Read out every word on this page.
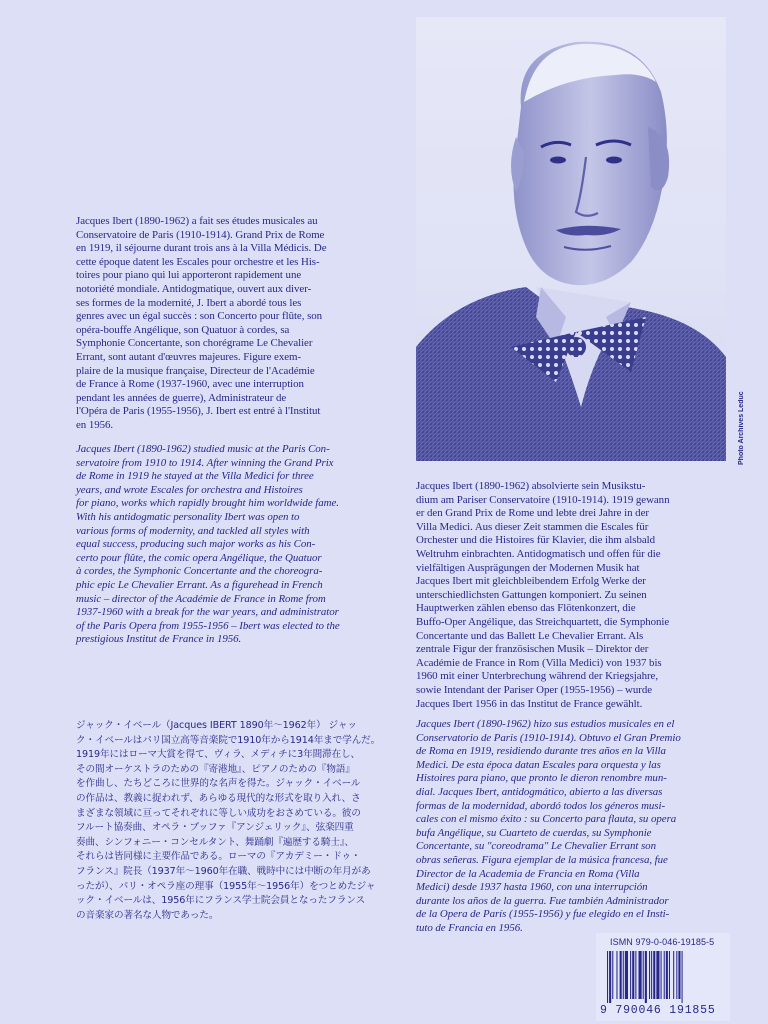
Jacques Ibert (1890-1962) a fait ses études musicales au

Conservatoire de Paris (1910-1914). Grand Prix de Rome

en 1919, il séjourne durant trois ans à la Villa Médicis. De

cette époque datent les Escales pour orchestre et les His-

toires pour piano qui lui apporteront rapidement une

notoriété mondiale. Antidogmatique, ouvert aux diver-

ses formes de la modernité, J. Ibert a abordé tous les

genres avec un égal succès : son Concerto pour flûte, son

opéra-bouffe Angélique, son Quatuor à cordes, sa

Symphonie Concertante, son chorégrame Le Chevalier

Errant, sont autant d'œuvres majeures. Figure exem-

plaire de la musique française, Directeur de l'Académie

de France à Rome (1937-1960, avec une interruption

pendant les années de guerre), Administrateur de

l'Opéra de Paris (1955-1956), J. Ibert est entré à l'Institut

en 1956.

Jacques Ibert (1890-1962) studied music at the Paris Con-

servatoire from 1910 to 1914. After winning the Grand Prix

de Rome in 1919 he stayed at the Villa Medici for three

years, and wrote Escales for orchestra and Histoires

for piano, works which rapidly brought him worldwide fame.

With his antidogmatic personality Ibert was open to

various forms of modernity, and tackled all styles with

equal success, producing such major works as his Con-

certo pour flûte, the comic opera Angélique, the Quatuor

à cordes, the Symphonic Concertante and the choreogra-

phic epic Le Chevalier Errant. As a figurehead in French

music – director of the Académie de France in Rome from

1937-1960 with a break for the war years, and administrator

of the Paris Opera from 1955-1956 – Ibert was elected to the

prestigious Institut de France in 1956.

ジャック・イベール（Jacques IBERT 1890年〜1962年） ジャッ

ク・イベールはパリ国立高等音楽院で1910年から1914年まで学んだ。

1919年にはローマ大賞を得て、ヴィラ、メディチに3年間滞在し、

その間オーケストラのための『寄港地』、ピアノのための『物語』

を作曲し、たちどころに世界的な名声を得た。ジャック・イベール

の作品は、教義に捉われず、あらゆる現代的な形式を取り入れ、さ

まざまな領域に亘ってそれぞれに等しい成功をおさめている。彼の

フルート協奏曲、オペラ・ブッファ『アンジェリック』、弦楽四重

奏曲、シンフォニー・コンセルタント、舞踊劇『遍歴する騎士』、

それらは皆同様に主要作品である。ローマの『アカデミー・ドゥ・

フランス』院長（1937年〜1960年在職、戦時中には中断の年月があ

ったが）、パリ・オペラ座の理事（1955年〜1956年）をつとめたジャ

ック・イベールは、1956年にフランス学士院会員となったフランス

の音楽家の著名な人物であった。

Photo Archives Leduc

Jacques Ibert (1890-1962) absolvierte sein Musikstu-

dium am Pariser Conservatoire (1910-1914). 1919 gewann

er den Grand Prix de Rome und lebte drei Jahre in der

Villa Medici. Aus dieser Zeit stammen die Escales für

Orchester und die Histoires für Klavier, die ihm alsbald

Weltruhm einbrachten. Antidogmatisch und offen für die

vielfältigen Ausprägungen der Modernen Musik hat

Jacques Ibert mit gleichbleibendem Erfolg Werke der

unterschiedlichsten Gattungen komponiert. Zu seinen

Hauptwerken zählen ebenso das Flötenkonzert, die

Buffo-Oper Angélique, das Streichquartett, die Symphonie

Concertante und das Ballett Le Chevalier Errant. Als

zentrale Figur der französischen Musik – Direktor der

Académie de France in Rom (Villa Medici) von 1937 bis

1960 mit einer Unterbrechung während der Kriegsjahre,

sowie Intendant der Pariser Oper (1955-1956) – wurde

Jacques Ibert 1956 in das Institut de France gewählt.

Jacques Ibert (1890-1962) hizo sus estudios musicales en el

Conservatorio de Paris (1910-1914). Obtuvo el Gran Premio

de Roma en 1919, residiendo durante tres años en la Villa

Medici. De esta época datan Escales para orquesta y las

Histoires para piano, que pronto le dieron renombre mun-

dial. Jacques Ibert, antidogmático, abierto a las diversas

formas de la modernidad, abordó todos los géneros musi-

cales con el mismo éxito : su Concerto para flauta, su opera

bufa Angélique, su Cuarteto de cuerdas, su Symphonie

Concertante, su "coreodrama" Le Chevalier Errant son

obras señeras. Figura ejemplar de la música francesa, fue

Director de la Academia de Francia en Roma (Villa

Medici) desde 1937 hasta 1960, con una interrupción

durante los años de la guerra. Fue también Administrador

de la Opera de París (1955-1956) y fue elegido en el Insti-

tuto de Francia en 1956.

ISMN 979-0-046-19185-5
9 790046 191855
